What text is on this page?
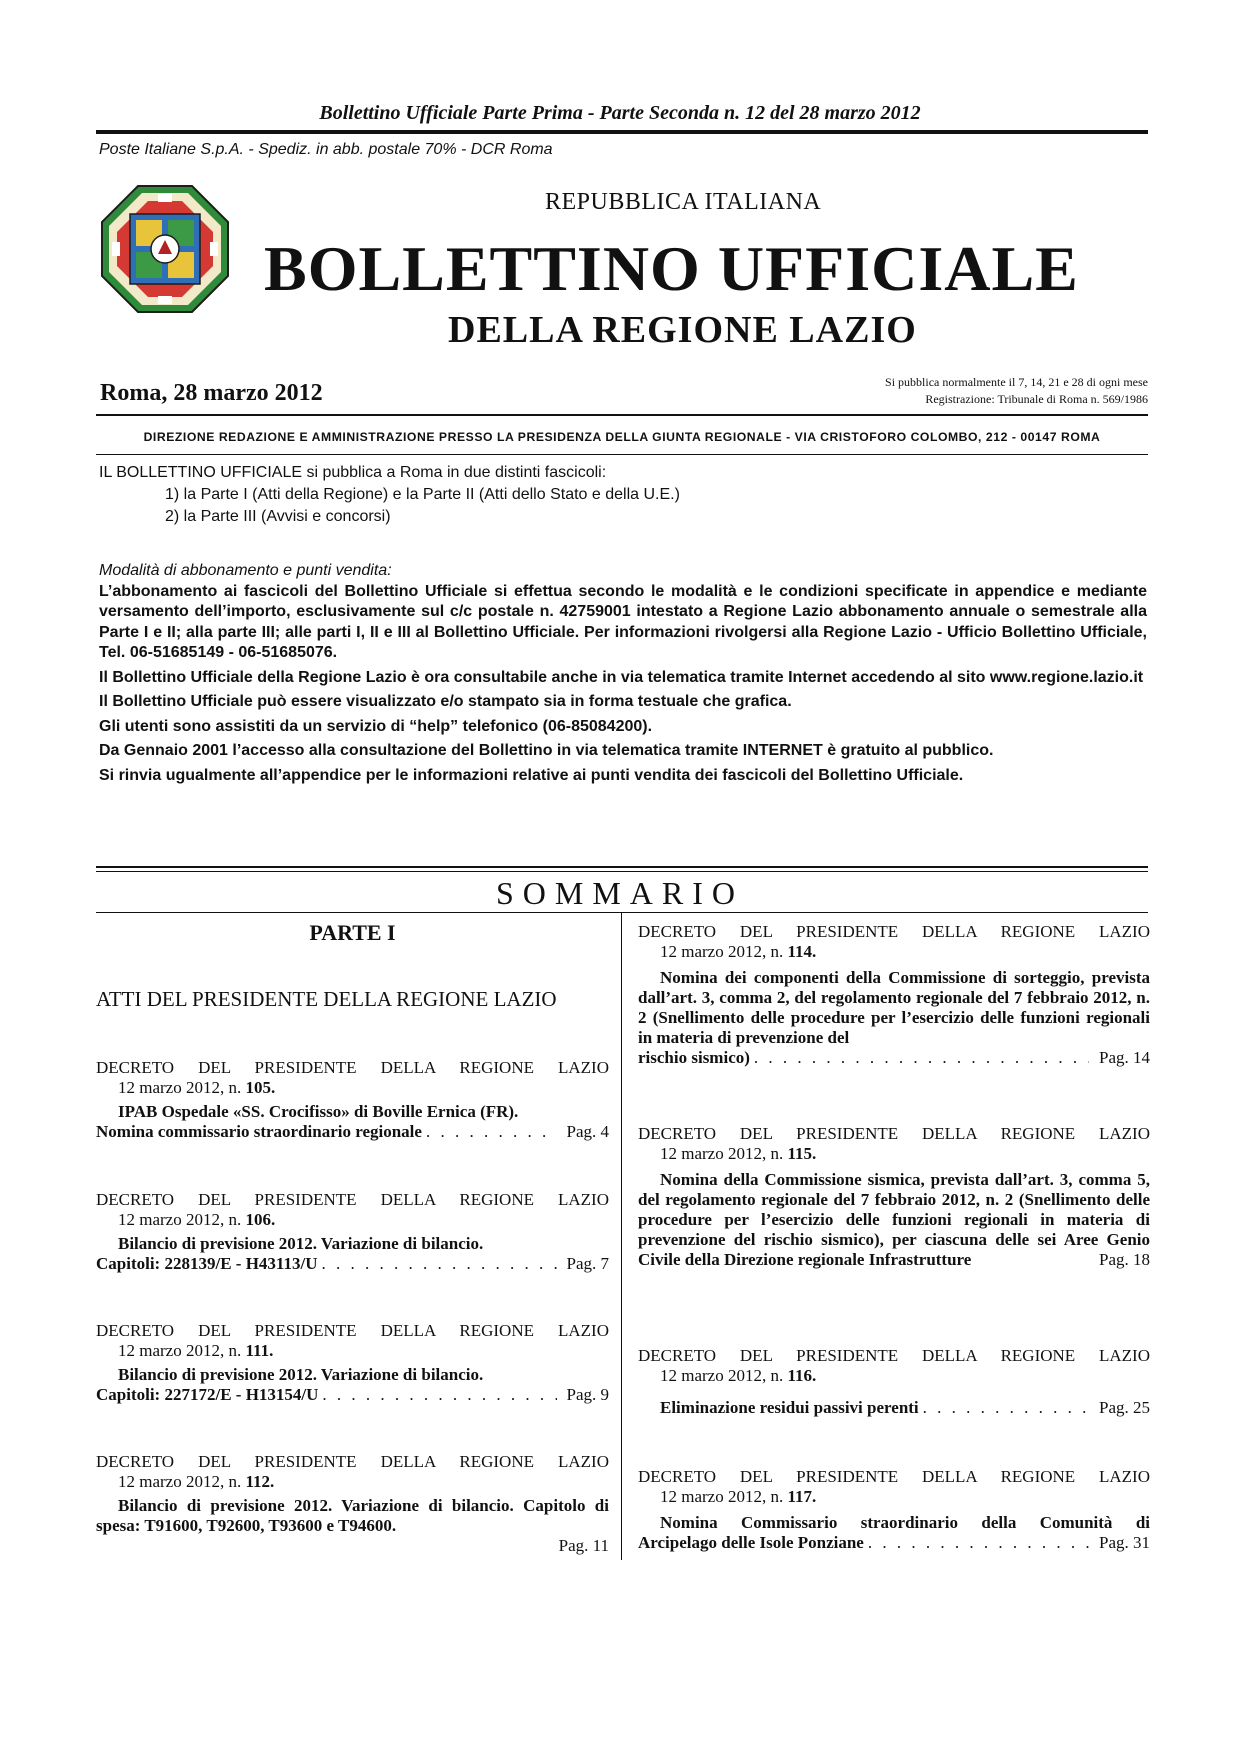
Bollettino Ufficiale Parte Prima - Parte Seconda n. 12 del 28 marzo 2012
Poste Italiane S.p.A. - Spediz. in abb. postale 70% - DCR Roma
REPUBBLICA ITALIANA
BOLLETTINO UFFICIALE
DELLA REGIONE LAZIO
Roma, 28 marzo 2012	Si pubblica normalmente il 7, 14, 21 e 28 di ogni mese
Registrazione: Tribunale di Roma n. 569/1986
DIREZIONE REDAZIONE E AMMINISTRAZIONE PRESSO LA PRESIDENZA DELLA GIUNTA REGIONALE - VIA CRISTOFORO COLOMBO, 212 - 00147 ROMA
IL BOLLETTINO UFFICIALE si pubblica a Roma in due distinti fascicoli:
1) la Parte I (Atti della Regione) e la Parte II (Atti dello Stato e della U.E.)
2) la Parte III (Avvisi e concorsi)
Modalità di abbonamento e punti vendita:

L’abbonamento ai fascicoli del Bollettino Ufficiale si effettua secondo le modalità e le condizioni specificate in appendice e mediante versamento dell’importo, esclusivamente sul c/c postale n. 42759001 intestato a Regione Lazio abbonamento annuale o semestrale alla Parte I e II; alla parte III; alle parti I, II e III al Bollettino Ufficiale. Per informazioni rivolgersi alla Regione Lazio - Ufficio Bollettino Ufficiale, Tel. 06-51685149 - 06-51685076.

Il Bollettino Ufficiale della Regione Lazio è ora consultabile anche in via telematica tramite Internet accedendo al sito www.regione.lazio.it

Il Bollettino Ufficiale può essere visualizzato e/o stampato sia in forma testuale che grafica.

Gli utenti sono assistiti da un servizio di “help” telefonico (06-85084200).

Da Gennaio 2001 l’accesso alla consultazione del Bollettino in via telematica tramite INTERNET è gratuito al pubblico.

Si rinvia ugualmente all’appendice per le informazioni relative ai punti vendita dei fascicoli del Bollettino Ufficiale.

SOMMARIO
PARTE I
ATTI DEL PRESIDENTE DELLA REGIONE LAZIO
DECRETO DEL PRESIDENTE DELLA REGIONE LAZIO
12 marzo 2012, n. 105.
IPAB Ospedale «SS. Crocifisso» di Boville Ernica (FR).
Nomina commissario straordinario regionale . . .	Pag. 4
DECRETO DEL PRESIDENTE DELLA REGIONE LAZIO
12 marzo 2012, n. 106.
Bilancio di previsione 2012. Variazione di bilancio.
Capitoli: 228139/E - H43113/U . . .	Pag. 7
DECRETO DEL PRESIDENTE DELLA REGIONE LAZIO
12 marzo 2012, n. 111.
Bilancio di previsione 2012. Variazione di bilancio.
Capitoli: 227172/E - H13154/U . . .	Pag. 9
DECRETO DEL PRESIDENTE DELLA REGIONE LAZIO
12 marzo 2012, n. 112.
Bilancio di previsione 2012. Variazione di bilancio. Capitolo di spesa: T91600, T92600, T93600 e T94600.
Pag. 11
DECRETO DEL PRESIDENTE DELLA REGIONE LAZIO
12 marzo 2012, n. 114.
Nomina dei componenti della Commissione di sorteggio, prevista dall’art. 3, comma 2, del regolamento regionale del 7 febbraio 2012, n. 2 (Snellimento delle procedure per l’esercizio delle funzioni regionali in materia di prevenzione del
rischio sismico) . . .	Pag. 14
DECRETO DEL PRESIDENTE DELLA REGIONE LAZIO
12 marzo 2012, n. 115.
Nomina della Commissione sismica, prevista dall’art. 3, comma 5, del regolamento regionale del 7 febbraio 2012, n. 2 (Snellimento delle procedure per l’esercizio delle funzioni regionali in materia di prevenzione del rischio sismico), per ciascuna delle sei Aree Genio Civile della Direzione regionale Infrastrutture	Pag. 18
DECRETO DEL PRESIDENTE DELLA REGIONE LAZIO
12 marzo 2012, n. 116.
Eliminazione residui passivi perenti . . .	Pag. 25
DECRETO DEL PRESIDENTE DELLA REGIONE LAZIO
12 marzo 2012, n. 117.
Nomina Commissario straordinario della Comunità di
Arcipelago delle Isole Ponziane . . .	Pag. 31
